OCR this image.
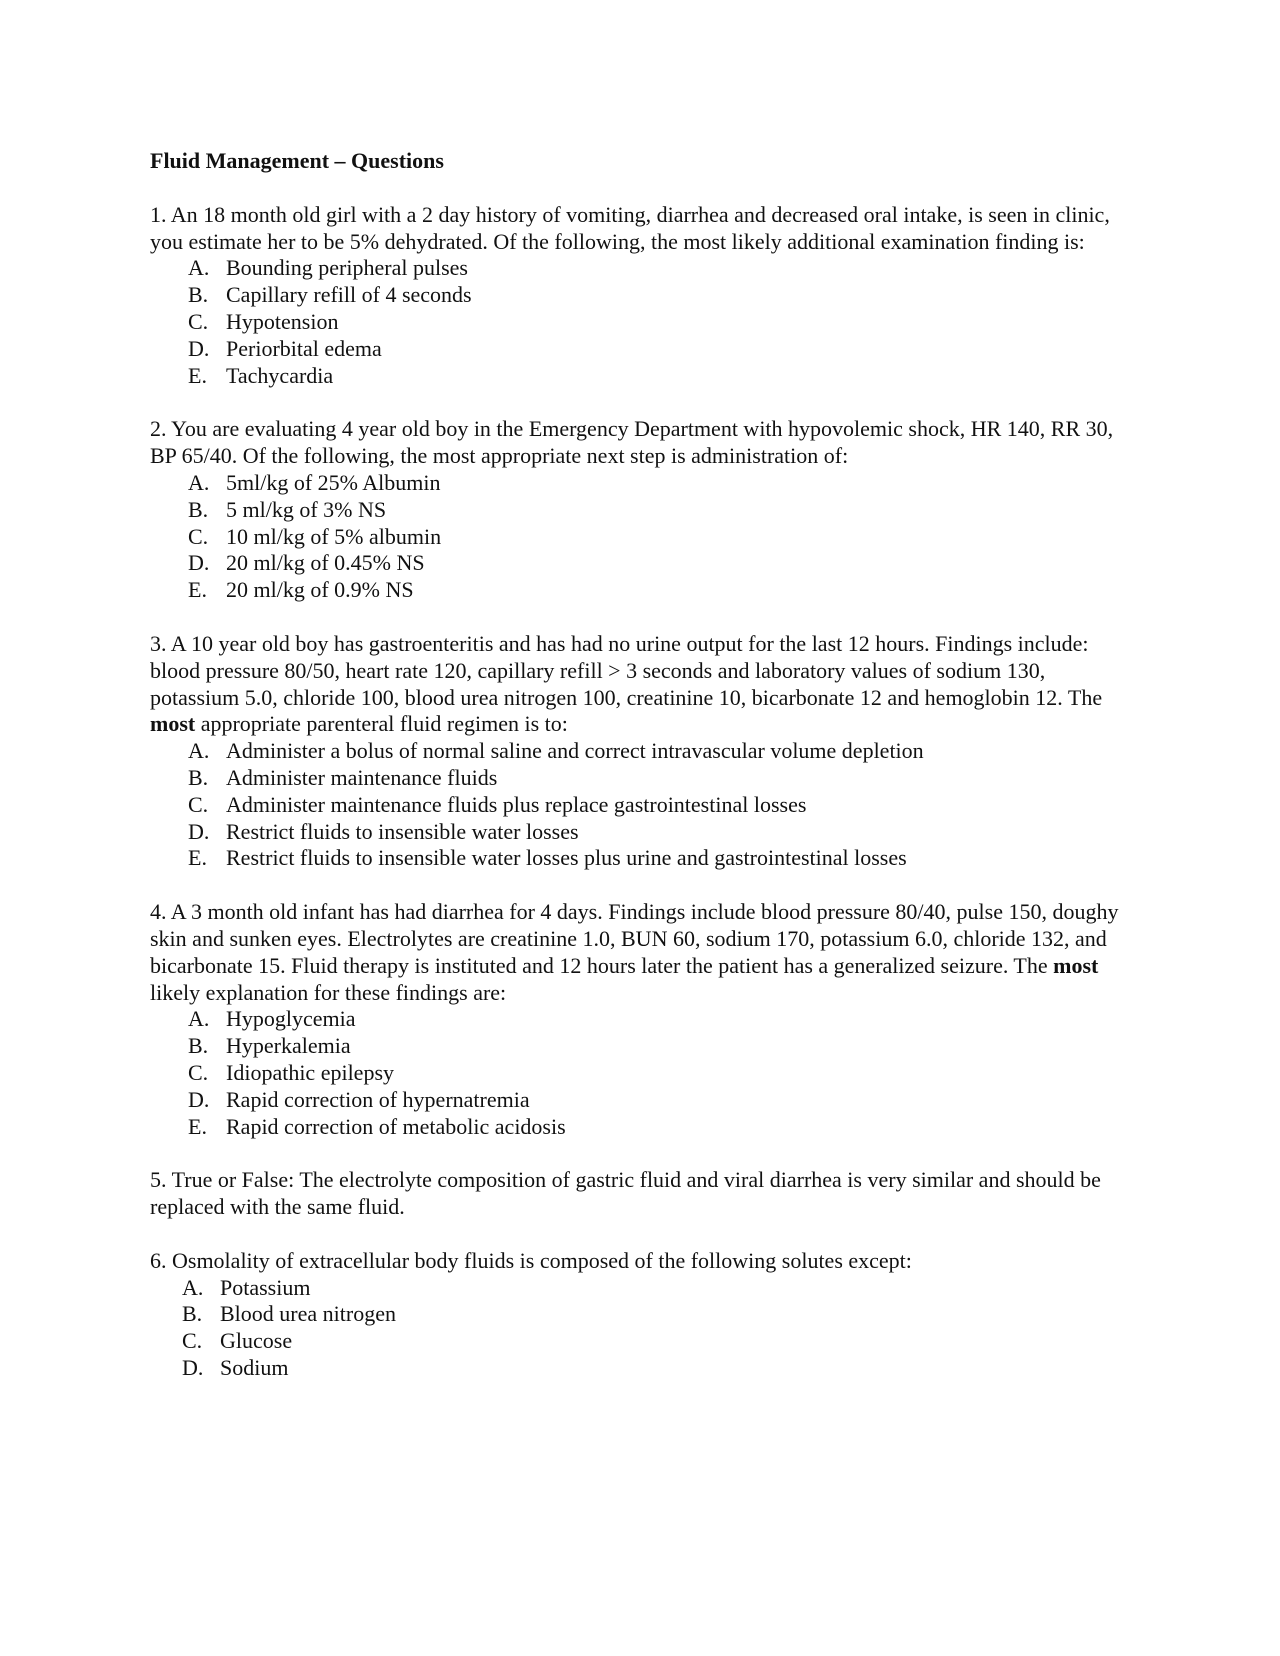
Fluid Management – Questions

1. An 18 month old girl with a 2 day history of vomiting, diarrhea and decreased oral intake, is seen in clinic, you estimate her to be 5% dehydrated. Of the following, the most likely additional examination finding is:

A. Bounding peripheral pulses
B. Capillary refill of 4 seconds
C. Hypotension
D. Periorbital edema
E. Tachycardia

2. You are evaluating 4 year old boy in the Emergency Department with hypovolemic shock, HR 140, RR 30, BP 65/40. Of the following, the most appropriate next step is administration of:

A. 5ml/kg of 25% Albumin
B. 5 ml/kg of 3% NS
C. 10 ml/kg of 5% albumin
D. 20 ml/kg of 0.45% NS
E. 20 ml/kg of 0.9% NS

3. A 10 year old boy has gastroenteritis and has had no urine output for the last 12 hours. Findings include: blood pressure 80/50, heart rate 120, capillary refill > 3 seconds and laboratory values of sodium 130, potassium 5.0, chloride 100, blood urea nitrogen 100, creatinine 10, bicarbonate 12 and hemoglobin 12. The most appropriate parenteral fluid regimen is to:

A. Administer a bolus of normal saline and correct intravascular volume depletion
B. Administer maintenance fluids
C. Administer maintenance fluids plus replace gastrointestinal losses
D. Restrict fluids to insensible water losses
E. Restrict fluids to insensible water losses plus urine and gastrointestinal losses

4. A 3 month old infant has had diarrhea for 4 days. Findings include blood pressure 80/40, pulse 150, doughy skin and sunken eyes. Electrolytes are creatinine 1.0, BUN 60, sodium 170, potassium 6.0, chloride 132, and bicarbonate 15. Fluid therapy is instituted and 12 hours later the patient has a generalized seizure. The most likely explanation for these findings are:

A. Hypoglycemia
B. Hyperkalemia
C. Idiopathic epilepsy
D. Rapid correction of hypernatremia
E. Rapid correction of metabolic acidosis

5. True or False: The electrolyte composition of gastric fluid and viral diarrhea is very similar and should be replaced with the same fluid.

6. Osmolality of extracellular body fluids is composed of the following solutes except:

A. Potassium
B. Blood urea nitrogen
C. Glucose
D. Sodium
